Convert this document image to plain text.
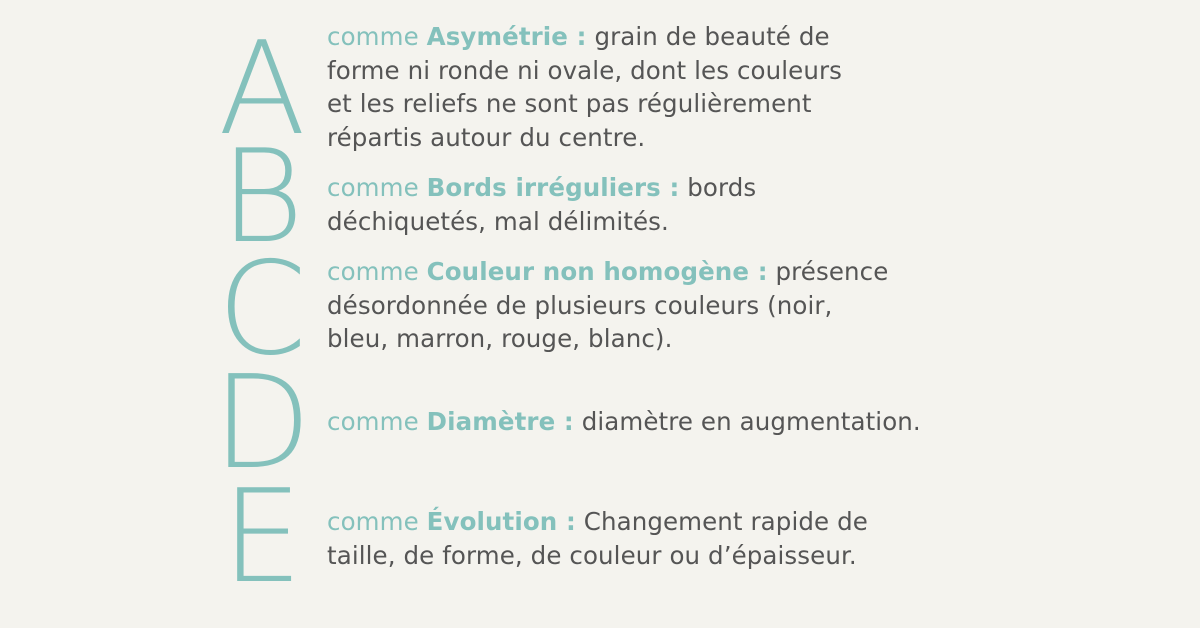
A
B
C
D
E
comme Asymétrie : grain de beauté de
forme ni ronde ni ovale, dont les couleurs
et les reliefs ne sont pas régulièrement
répartis autour du centre.
comme Bords irréguliers : bords
déchiquetés, mal délimités.
comme Couleur non homogène : présence
désordonnée de plusieurs couleurs (noir,
bleu, marron, rouge, blanc).
comme Diamètre : diamètre en augmentation.
comme Évolution : Changement rapide de
taille, de forme, de couleur ou d’épaisseur.
